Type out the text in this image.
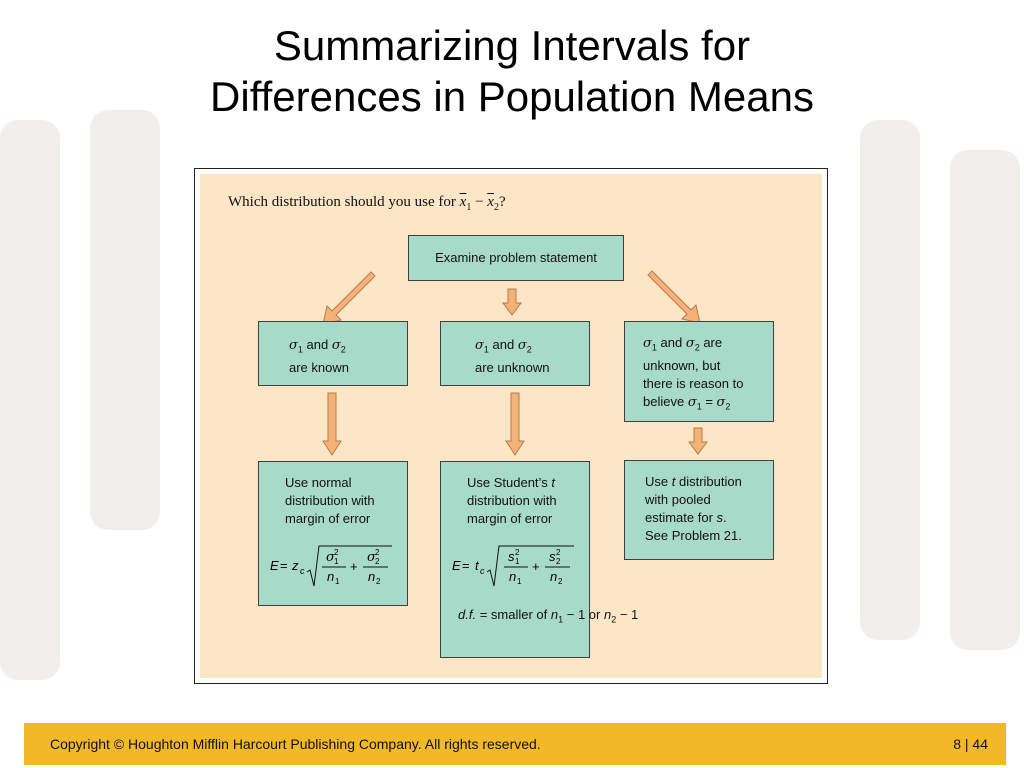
Summarizing Intervals for
Differences in Population Means
Which distribution should you use for $\overline{x}_1 - \overline{x}_2$?
Examine problem statement
$\sigma_1$ and $\sigma_2$
are known
$\sigma_1$ and $\sigma_2$
are unknown
$\sigma_1$ and $\sigma_2$ are
unknown, but
there is reason to
believe $\sigma_1 = \sigma_2$
Use normal
distribution with
margin of error
E = z c
σ 2
1
n 1
+
σ 2
2
n 2
Use Student’s t
distribution with
margin of error
E = t c
s 2
1
n 1
+
s 2
2
n 2
d.f. = smaller of $n_1 - 1$ or $n_2 - 1$
Use t distribution
with pooled
estimate for s.
See Problem 21.
Copyright © Houghton Mifflin Harcourt Publishing Company. All rights reserved.	8 | 44
